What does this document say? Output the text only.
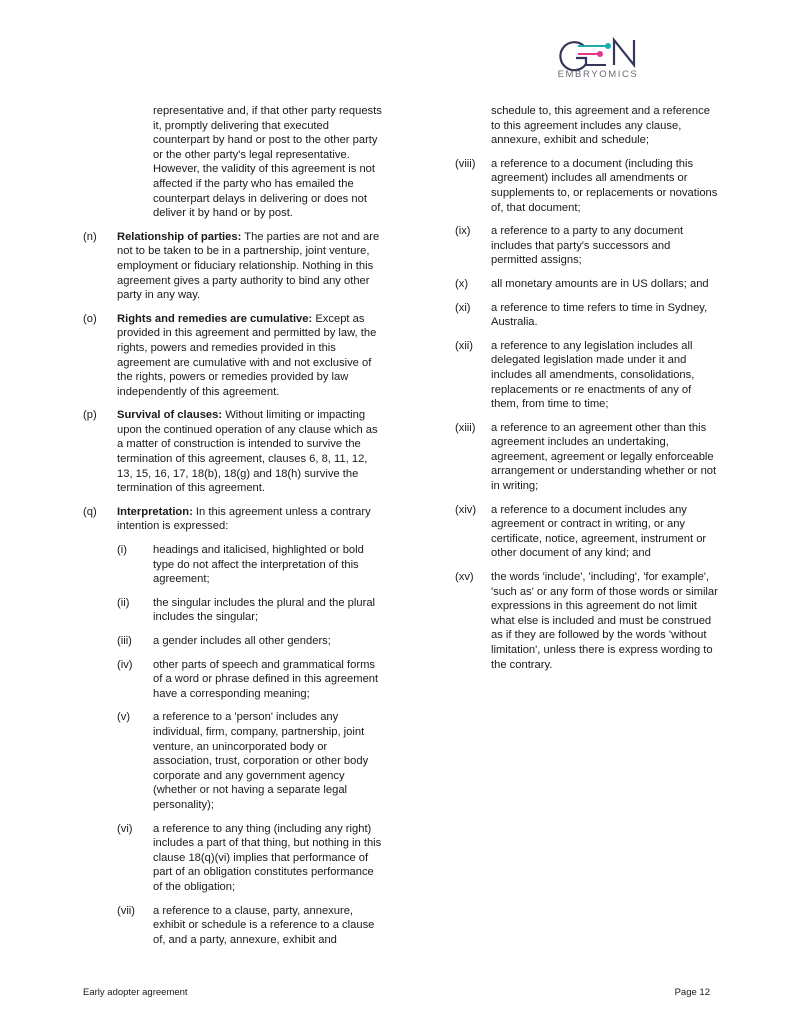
GEN
EMBRYOMICS
representative and, if that other party requests it, promptly delivering that executed counterpart by hand or post to the other party or the other party's legal representative. However, the validity of this agreement is not affected if the party who has emailed the counterpart delays in delivering or does not deliver it by hand or by post.
(n)	Relationship of parties: The parties are not and are not to be taken to be in a partnership, joint venture, employment or fiduciary relationship. Nothing in this agreement gives a party authority to bind any other party in any way.
(o)	Rights and remedies are cumulative: Except as provided in this agreement and permitted by law, the rights, powers and remedies provided in this agreement are cumulative with and not exclusive of the rights, powers or remedies provided by law independently of this agreement.
(p)	Survival of clauses: Without limiting or impacting upon the continued operation of any clause which as a matter of construction is intended to survive the termination of this agreement, clauses 6, 8, 11, 12, 13, 15, 16, 17, 18(b), 18(g) and 18(h) survive the termination of this agreement.
(q)	Interpretation: In this agreement unless a contrary intention is expressed:
(i)	headings and italicised, highlighted or bold type do not affect the interpretation of this agreement;
(ii)	the singular includes the plural and the plural includes the singular;
(iii)	a gender includes all other genders;
(iv)	other parts of speech and grammatical forms of a word or phrase defined in this agreement have a corresponding meaning;
(v)	a reference to a 'person' includes any individual, firm, company, partnership, joint venture, an unincorporated body or association, trust, corporation or other body corporate and any government agency (whether or not having a separate legal personality);
(vi)	a reference to any thing (including any right) includes a part of that thing, but nothing in this clause 18(q)(vi) implies that performance of part of an obligation constitutes performance of the obligation;
(vii)	a reference to a clause, party, annexure, exhibit or schedule is a reference to a clause of, and a party, annexure, exhibit and
schedule to, this agreement and a reference to this agreement includes any clause, annexure, exhibit and schedule;
(viii)	a reference to a document (including this agreement) includes all amendments or supplements to, or replacements or novations of, that document;
(ix)	a reference to a party to any document includes that party's successors and permitted assigns;
(x)	all monetary amounts are in US dollars; and
(xi)	a reference to time refers to time in Sydney, Australia.
(xii)	a reference to any legislation includes all delegated legislation made under it and includes all amendments, consolidations, replacements or re enactments of any of them, from time to time;
(xiii)	a reference to an agreement other than this agreement includes an undertaking, agreement, agreement or legally enforceable arrangement or understanding whether or not in writing;
(xiv)	a reference to a document includes any agreement or contract in writing, or any certificate, notice, agreement, instrument or other document of any kind; and
(xv)	the words 'include', 'including', 'for example', 'such as' or any form of those words or similar expressions in this agreement do not limit what else is included and must be construed as if they are followed by the words 'without limitation', unless there is express wording to the contrary.
Early adopter agreement	Page 12
